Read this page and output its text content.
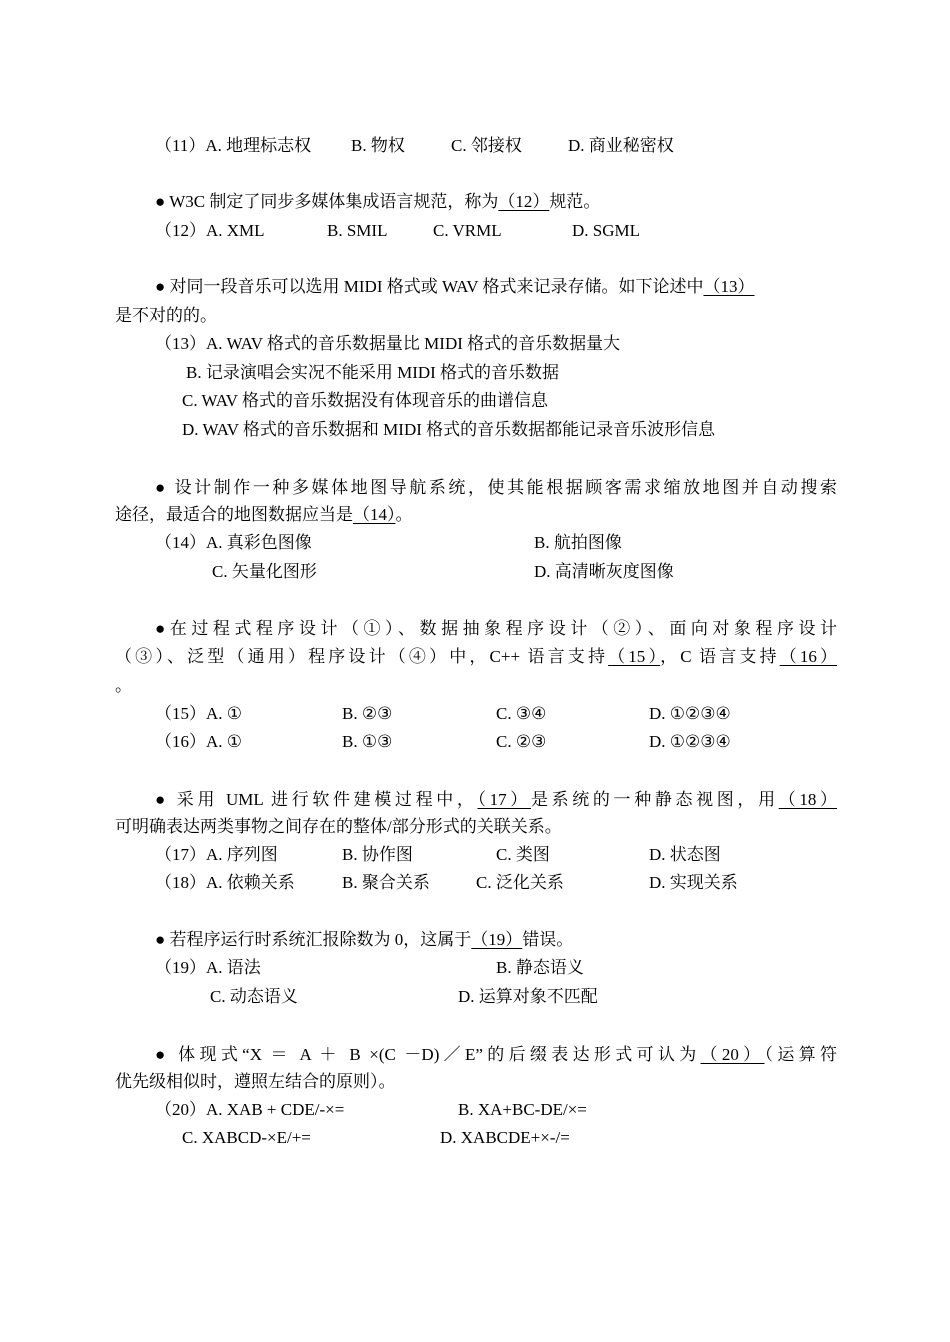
（11）A. 地理标志权 B. 物权	C. 邻接权	D. 商业秘密权
● W3C 制定了同步多媒体集成语言规范，称为（12）规范。
（12）A. XML	B. SMIL	C. VRML	D. SGML
● 对同一段音乐可以选用 MIDI 格式或 WAV 格式来记录存储。如下论述中（13）
是不对的的。
（13）A. WAV 格式的音乐数据量比 MIDI 格式的音乐数据量大
B. 记录演唱会实况不能采用 MIDI 格式的音乐数据
C. WAV 格式的音乐数据没有体现音乐的曲谱信息
D. WAV 格式的音乐数据和 MIDI 格式的音乐数据都能记录音乐波形信息
● 设计制作一种多媒体地图导航系统，使其能根据顾客需求缩放地图并自动搜索
途径，最适合的地图数据应当是（14）。
（14）A. 真彩色图像	B. 航拍图像
C. 矢量化图形	D. 高清晰灰度图像
●在过程式程序设计（①）、数据抽象程序设计（②）、面向对象程序设计
（③）、泛型（通用）程序设计（④）中，C++ 语言支持（15），C 语言支持（16）
。
（15）A. ①	B. ②③	C. ③④	D. ①②③④
（16）A. ①	B. ①③	C. ②③	D. ①②③④
● 采用 UML 进行软件建模过程中，（17）是系统的一种静态视图，用（18）
可明确表达两类事物之间存在的整体/部分形式的关联关系。
（17）A. 序列图	B. 协作图	C. 类图	D. 状态图
（18）A. 依赖关系	B. 聚合关系	C. 泛化关系	D. 实现关系
● 若程序运行时系统汇报除数为 0，这属于（19）错误。
（19）A. 语法	B. 静态语义
C. 动态语义	D. 运算对象不匹配
● 体现式“X ＝ A ＋ B ×(C －D)／E”的后缀表达形式可认为（20）（运算符
优先级相似时，遵照左结合的原则）。
（20）A. XAB + CDE/-×=	B. XA+BC-DE/×=
C. XABCD-×E/+=	D. XABCDE+×-/=
